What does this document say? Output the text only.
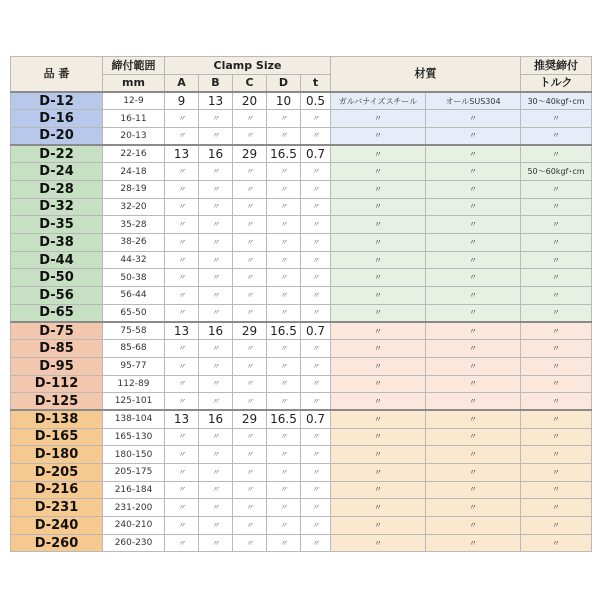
品 番	締付範囲	Clamp Size					材質		推奨締付
	mm	A	B	C	D	t			トルク
D-12	12-9	9	13	20	10	0.5	ガルバナイズスチール	オールSUS304	30～40kgf･cm
D-16	16-11	〃	〃	〃	〃	〃	〃	〃	〃
D-20	20-13	〃	〃	〃	〃	〃	〃	〃	〃
D-22	22-16	13	16	29	16.5	0.7	〃	〃	〃
D-24	24-18	〃	〃	〃	〃	〃	〃	〃	50～60kgf･cm
D-28	28-19	〃	〃	〃	〃	〃	〃	〃	〃
D-32	32-20	〃	〃	〃	〃	〃	〃	〃	〃
D-35	35-28	〃	〃	〃	〃	〃	〃	〃	〃
D-38	38-26	〃	〃	〃	〃	〃	〃	〃	〃
D-44	44-32	〃	〃	〃	〃	〃	〃	〃	〃
D-50	50-38	〃	〃	〃	〃	〃	〃	〃	〃
D-56	56-44	〃	〃	〃	〃	〃	〃	〃	〃
D-65	65-50	〃	〃	〃	〃	〃	〃	〃	〃
D-75	75-58	13	16	29	16.5	0.7	〃	〃	〃
D-85	85-68	〃	〃	〃	〃	〃	〃	〃	〃
D-95	95-77	〃	〃	〃	〃	〃	〃	〃	〃
D-112	112-89	〃	〃	〃	〃	〃	〃	〃	〃
D-125	125-101	〃	〃	〃	〃	〃	〃	〃	〃
D-138	138-104	13	16	29	16.5	0.7	〃	〃	〃
D-165	165-130	〃	〃	〃	〃	〃	〃	〃	〃
D-180	180-150	〃	〃	〃	〃	〃	〃	〃	〃
D-205	205-175	〃	〃	〃	〃	〃	〃	〃	〃
D-216	216-184	〃	〃	〃	〃	〃	〃	〃	〃
D-231	231-200	〃	〃	〃	〃	〃	〃	〃	〃
D-240	240-210	〃	〃	〃	〃	〃	〃	〃	〃
D-260	260-230	〃	〃	〃	〃	〃	〃	〃	〃
